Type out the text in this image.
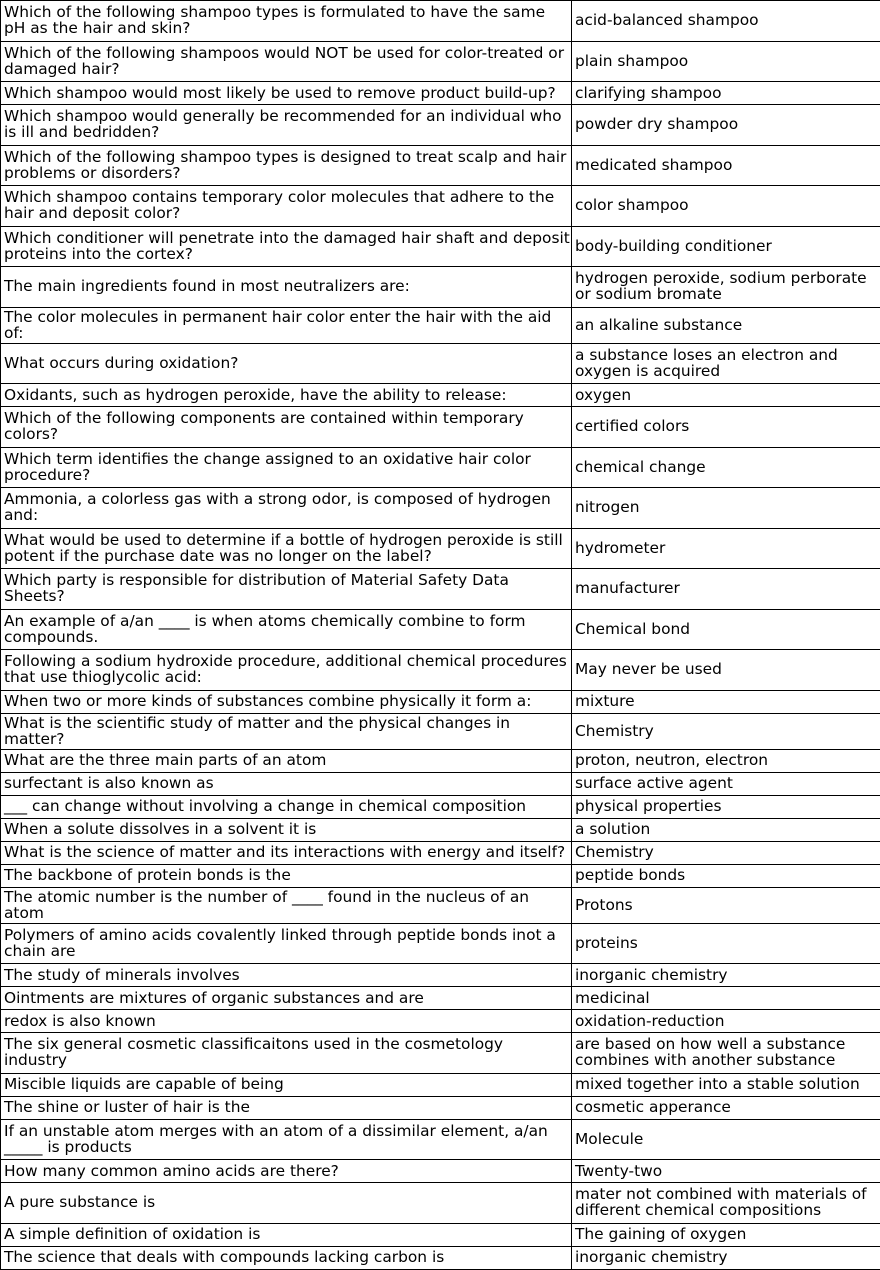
Which of the following shampoo types is formulated to have the same pH as the hair and skin?	acid-balanced shampoo
Which of the following shampoos would NOT be used for color-treated or damaged hair?	plain shampoo
Which shampoo would most likely be used to remove product build-up?	clarifying shampoo
Which shampoo would generally be recommended for an individual who is ill and bedridden?	powder dry shampoo
Which of the following shampoo types is designed to treat scalp and hair problems or disorders?	medicated shampoo
Which shampoo contains temporary color molecules that adhere to the hair and deposit color?	color shampoo
Which conditioner will penetrate into the damaged hair shaft and deposit proteins into the cortex?	body-building conditioner
The main ingredients found in most neutralizers are:	hydrogen peroxide, sodium perborate or sodium bromate
The color molecules in permanent hair color enter the hair with the aid of:	an alkaline substance
What occurs during oxidation?	a substance loses an electron and oxygen is acquired
Oxidants, such as hydrogen peroxide, have the ability to release:	oxygen
Which of the following components are contained within temporary colors?	certified colors
Which term identifies the change assigned to an oxidative hair color procedure?	chemical change
Ammonia, a colorless gas with a strong odor, is composed of hydrogen and:	nitrogen
What would be used to determine if a bottle of hydrogen peroxide is still potent if the purchase date was no longer on the label?	hydrometer
Which party is responsible for distribution of Material Safety Data Sheets?	manufacturer
An example of a/an ____ is when atoms chemically combine to form compounds.	Chemical bond
Following a sodium hydroxide procedure, additional chemical procedures that use thioglycolic acid:	May never be used
When two or more kinds of substances combine physically it form a:	mixture
What is the scientific study of matter and the physical changes in matter?	Chemistry
What are the three main parts of an atom	proton, neutron, electron
surfectant is also known as	surface active agent
___ can change without involving a change in chemical composition	physical properties
When a solute dissolves in a solvent it is	a solution
What is the science of matter and its interactions with energy and itself?	Chemistry
The backbone of protein bonds is the	peptide bonds
The atomic number is the number of ____ found in the nucleus of an atom	Protons
Polymers of amino acids covalently linked through peptide bonds inot a chain are	proteins
The study of minerals involves	inorganic chemistry
Ointments are mixtures of organic substances and are	medicinal
redox is also known	oxidation-reduction
The six general cosmetic classificaitons used in the cosmetology industry	are based on how well a substance combines with another substance
Miscible liquids are capable of being	mixed together into a stable solution
The shine or luster of hair is the	cosmetic apperance
If an unstable atom merges with an atom of a dissimilar element, a/an _____ is products	Molecule
How many common amino acids are there?	Twenty-two
A pure substance is	mater not combined with materials of different chemical compositions
A simple definition of oxidation is	The gaining of oxygen
The science that deals with compounds lacking carbon is	inorganic chemistry
